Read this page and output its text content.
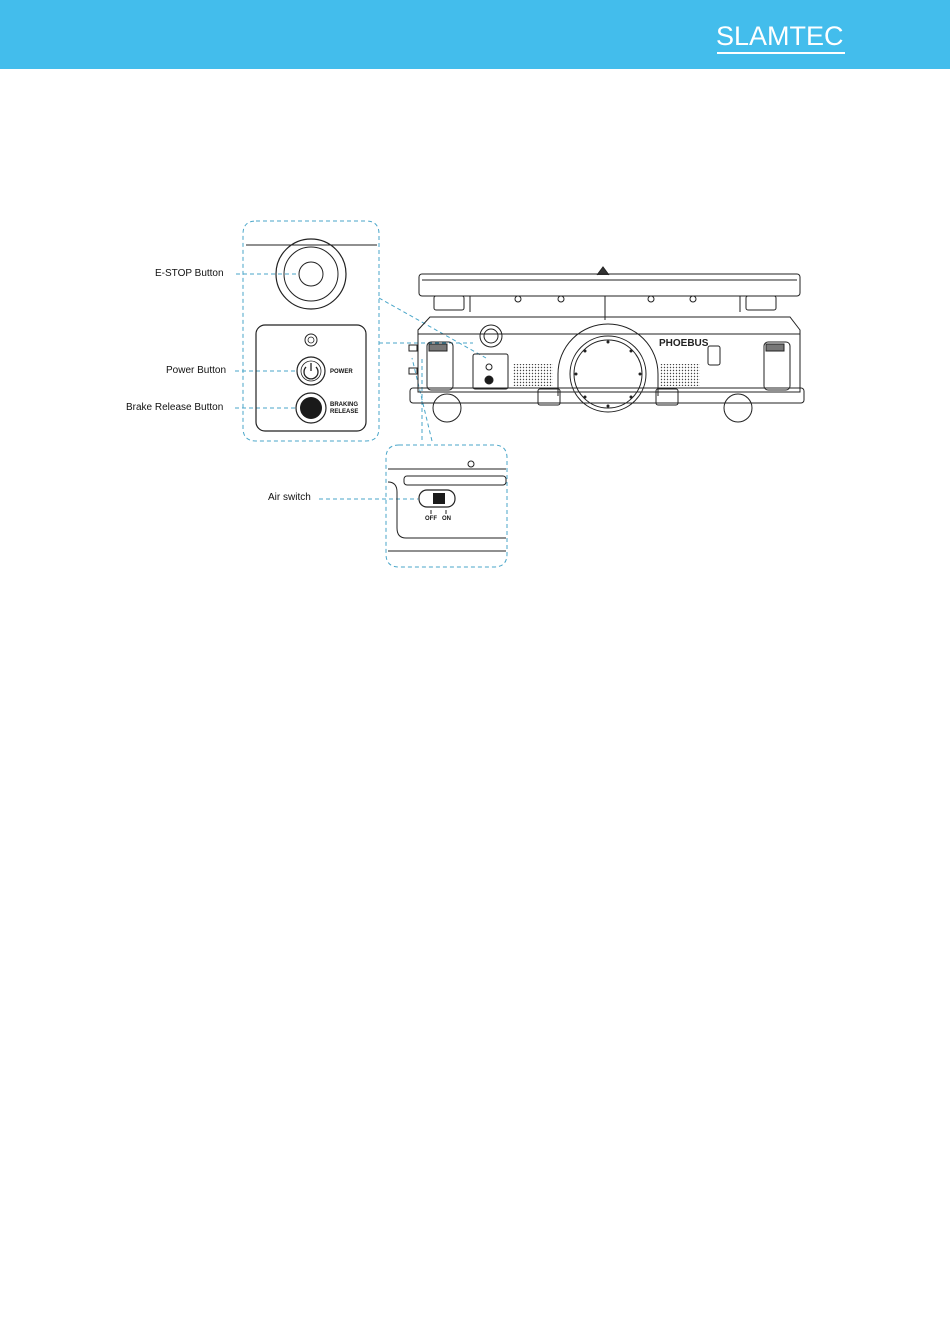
SLAMTEC
E-STOP Button
Power Button
Brake Release Button
Air switch
POWER
BRAKING
RELEASE
OFF ON
PHOEBUS
